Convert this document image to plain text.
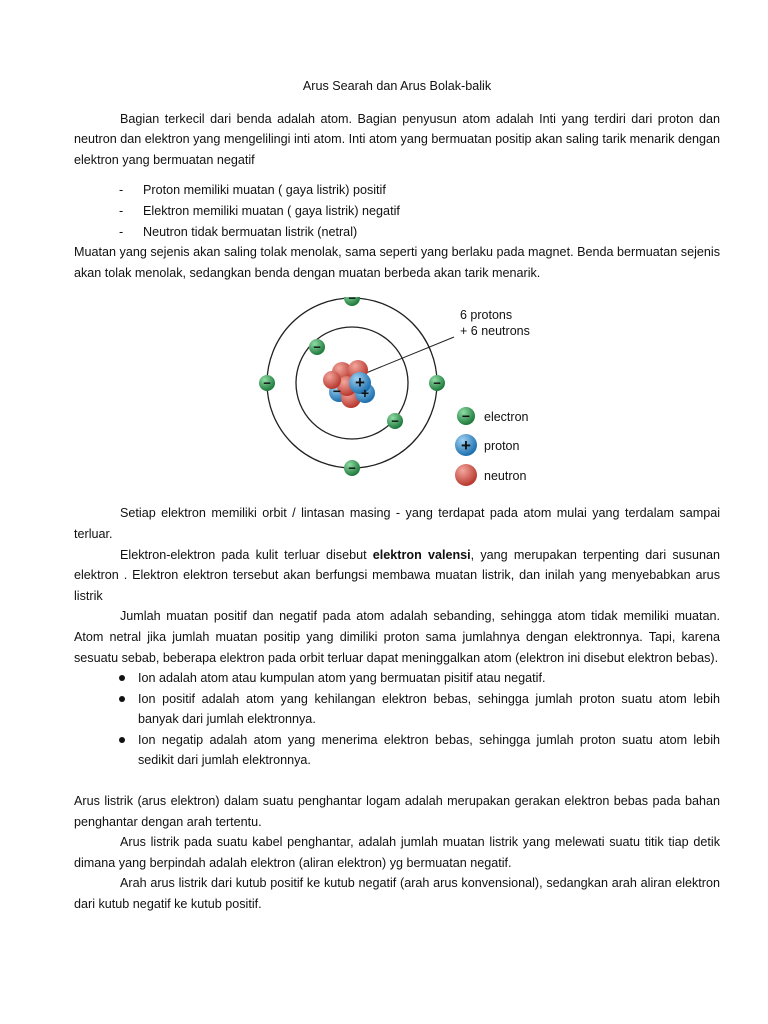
Arus Searah dan Arus Bolak-balik

Bagian terkecil dari benda adalah atom. Bagian penyusun atom adalah Inti yang terdiri dari proton dan neutron dan elektron yang mengelilingi inti atom. Inti atom yang bermuatan positip akan saling tarik menarik dengan elektron yang bermuatan negatif

- Proton memiliki muatan ( gaya listrik) positif
- Elektron memiliki muatan ( gaya listrik) negatif
- Neutron tidak bermuatan listrik (netral)

Muatan yang sejenis akan saling tolak menolak, sama seperti yang berlaku pada magnet. Benda bermuatan sejenis akan tolak menolak, sedangkan benda dengan muatan berbeda akan tarik menarik.

+
+
−
−
−	−
−
−
−
6 protons
+ 6 neutrons
− electron
+ proton
neutron

Setiap elektron memiliki orbit / lintasan masing - yang terdapat pada atom mulai yang terdalam sampai terluar.

Elektron-elektron pada kulit terluar disebut elektron valensi, yang merupakan terpenting dari susunan elektron . Elektron elektron tersebut akan berfungsi membawa muatan listrik, dan inilah yang menyebabkan arus listrik

Jumlah muatan positif dan negatif pada atom adalah sebanding, sehingga atom tidak memiliki muatan. Atom netral jika jumlah muatan positip yang dimiliki proton sama jumlahnya dengan elektronnya. Tapi, karena sesuatu sebab, beberapa elektron pada orbit terluar dapat meninggalkan atom (elektron ini disebut elektron bebas).

Ion adalah atom atau kumpulan atom yang bermuatan pisitif atau negatif.
Ion positif adalah atom yang kehilangan elektron bebas, sehingga jumlah proton suatu atom lebih banyak dari jumlah elektronnya.
Ion negatip adalah atom yang menerima elektron bebas, sehingga jumlah proton suatu atom lebih sedikit dari jumlah elektronnya.

Arus listrik (arus elektron) dalam suatu penghantar logam adalah merupakan gerakan elektron bebas pada bahan penghantar dengan arah tertentu.

Arus listrik pada suatu kabel penghantar, adalah jumlah muatan listrik yang melewati suatu titik tiap detik dimana yang berpindah adalah elektron (aliran elektron) yg bermuatan negatif.

Arah arus listrik dari kutub positif ke kutub negatif (arah arus konvensional), sedangkan arah aliran elektron dari kutub negatif ke kutub positif.
